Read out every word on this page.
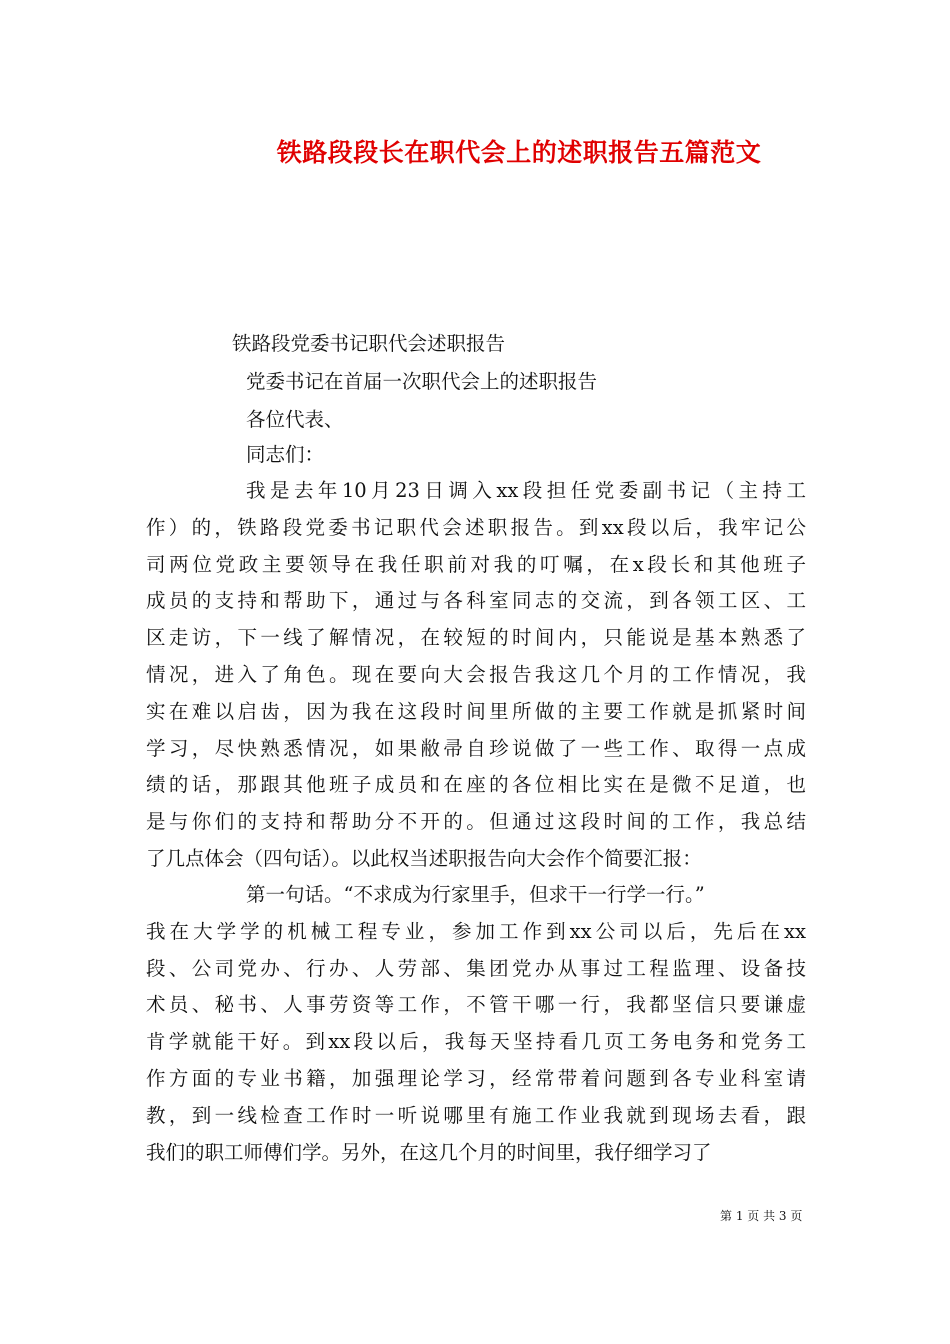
铁路段段长在职代会上的述职报告五篇范文
铁路段党委书记职代会述职报告
党委书记在首届一次职代会上的述职报告
各位代表、
同志们：
我是去年10月23日调入xx段担任党委副书记（主持工
作）的，铁路段党委书记职代会述职报告。到xx段以后，我牢记公
司两位党政主要领导在我任职前对我的叮嘱，在x段长和其他班子
成员的支持和帮助下，通过与各科室同志的交流，到各领工区、工
区走访，下一线了解情况，在较短的时间内，只能说是基本熟悉了
情况，进入了角色。现在要向大会报告我这几个月的工作情况，我
实在难以启齿，因为我在这段时间里所做的主要工作就是抓紧时间
学习，尽快熟悉情况，如果敝帚自珍说做了一些工作、取得一点成
绩的话，那跟其他班子成员和在座的各位相比实在是微不足道，也
是与你们的支持和帮助分不开的。但通过这段时间的工作，我总结
了几点体会（四句话）。以此权当述职报告向大会作个简要汇报：
第一句话。“不求成为行家里手，但求干一行学一行。”
我在大学学的机械工程专业，参加工作到xx公司以后，先后在xx
段、公司党办、行办、人劳部、集团党办从事过工程监理、设备技
术员、秘书、人事劳资等工作，不管干哪一行，我都坚信只要谦虚
肯学就能干好。到xx段以后，我每天坚持看几页工务电务和党务工
作方面的专业书籍，加强理论学习，经常带着问题到各专业科室请
教，到一线检查工作时一听说哪里有施工作业我就到现场去看，跟
我们的职工师傅们学。另外，在这几个月的时间里，我仔细学习了
第 1 页 共 3 页
